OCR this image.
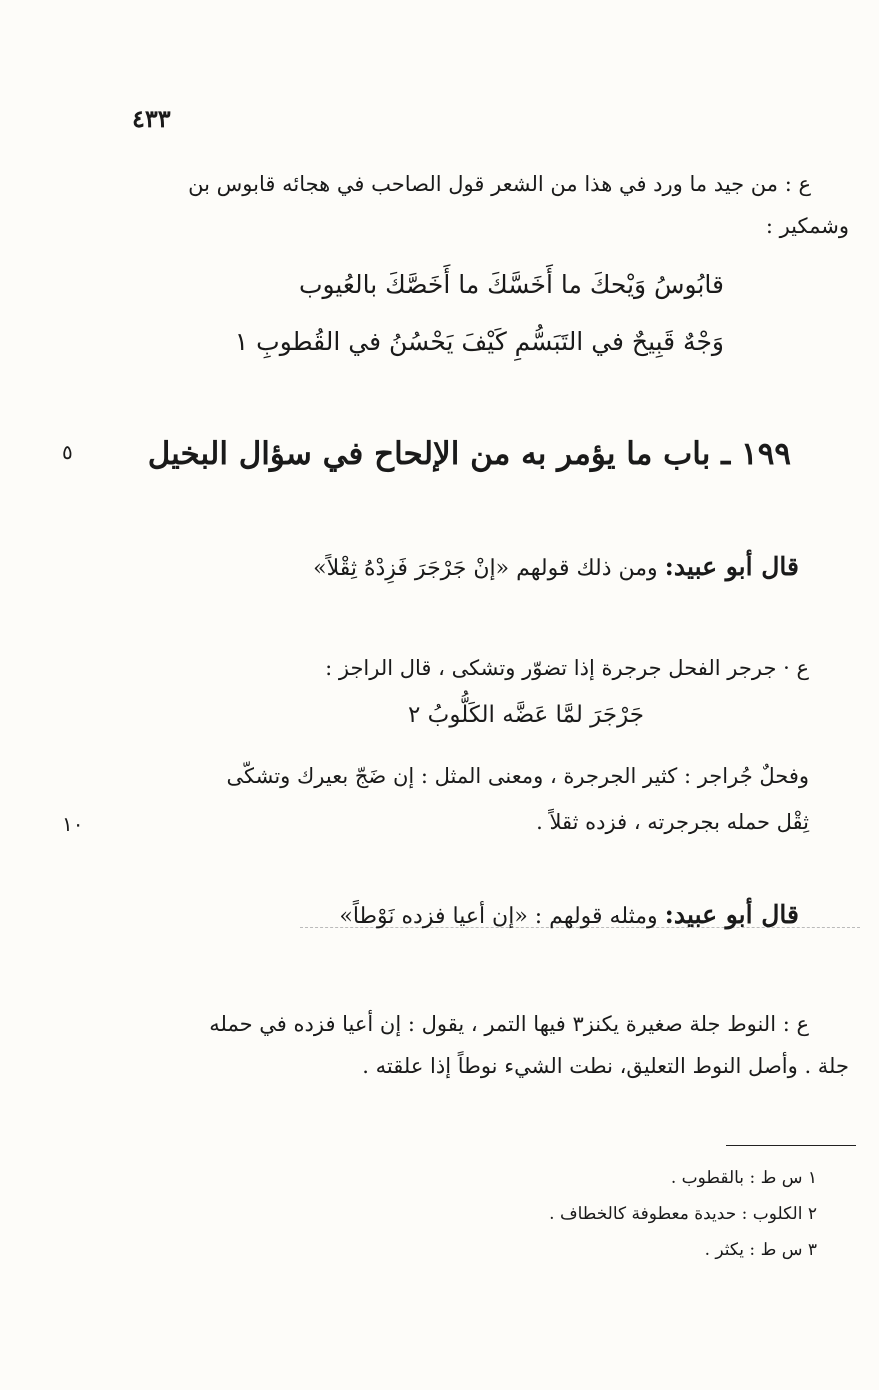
٤٣٣
ع : من جيد ما ورد في هذا من الشعر قول الصاحب في هجائه قابوس بن
وشمكير :
قابُوسُ وَيْحكَ ما أَخَسَّكَ ما أَخَصَّكَ بالعُيوب
وَجْهٌ قَبِيحٌ في التَبَسُّمِ كَيْفَ يَحْسُنُ في القُطوبِ ١
١٩٩ ـ باب ما يؤمر به من الإلحاح في سؤال البخيل
٥
قال أبو عبيد: ومن ذلك قولهم «إنْ جَرْجَرَ فَزِدْهُ ثِقْلاً»
ع · جرجر الفحل جرجرة إذا تضوّر وتشكى ، قال الراجز :
جَرْجَرَ لمَّا عَضَّه الكَلُّوبُ ٢
وفحلٌ جُراجر : كثير الجرجرة ، ومعنى المثل : إن ضَجّ بعيرك وتشكّى
ثِقْل حمله بجرجرته ، فزده ثقلاً .
١٠
قال أبو عبيد: ومثله قولهم : «إن أعيا فزده نَوْطاً»
ع : النوط جلة صغيرة يكنز٣ فيها التمر ، يقول : إن أعيا فزده في حمله
جلة . وأصل النوط التعليق، نطت الشيء نوطاً إذا علقته .
١ س ط : بالقطوب .
٢ الكلوب : حديدة معطوفة كالخطاف .
٣ س ط : يكثر .
